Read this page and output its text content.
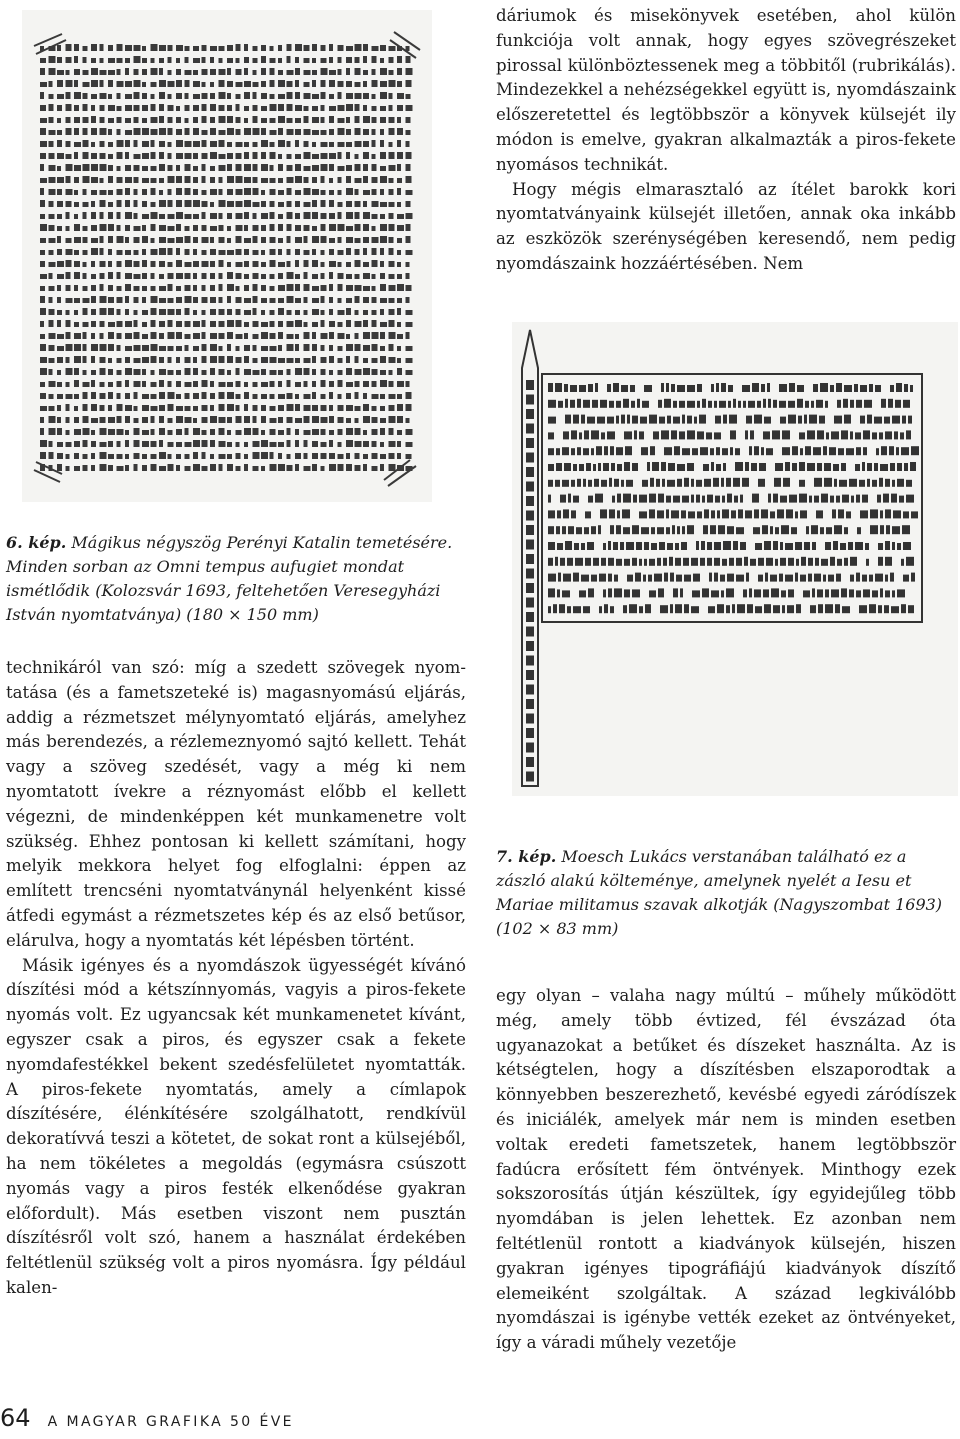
6. kép. Mágikus négyszög Perényi Katalin temetésére. Minden sorban az Omni tempus aufugiet mondat ismétlődik (Kolozsvár 1693, feltehetően Veresegyházi István nyomtatványa) (180 × 150 mm)

technikáról van szó: míg a szedett szövegek nyomtatása (és a fametszeteké is) magasnyomású eljárás, addig a rézmetszet mélynyomtató eljárás, amelyhez más berendezés, a rézlemeznyomó sajtó kellett. Tehát vagy a szöveg szedését, vagy a még ki nem nyomtatott ívekre a réznyomást előbb el kellett végezni, de mindenképpen két munkamenetre volt szükség. Ehhez pontosan ki kellett számítani, hogy melyik mekkora helyet fog elfoglalni: éppen az említett trencséni nyomtatványnál helyenként kissé átfedi egymást a rézmetszetes kép és az első betűsor, elárulva, hogy a nyomtatás két lépésben történt.

Másik igényes és a nyomdászok ügyességét kívánó díszítési mód a kétszínnyomás, vagyis a piros-fekete nyomás volt. Ez ugyancsak két munkamenetet kívánt, egyszer csak a piros, és egyszer csak a fekete nyomdafestékkel bekent szedésfelületet nyomtatták. A piros-fekete nyomtatás, amely a címlapok díszítésére, élénkítésére szolgálhatott, rendkívül dekoratívvá teszi a kötetet, de sokat ront a külsejéből, ha nem tökéletes a megoldás (egymásra csúszott nyomás vagy a piros festék elkenődése gyakran előfordult). Más esetben viszont nem pusztán díszítésről volt szó, hanem a használat érdekében feltétlenül szükség volt a piros nyomásra. Így például kalen-

dáriumok és misekönyvek esetében, ahol külön funkciója volt annak, hogy egyes szövegrészeket pirossal különböztessenek meg a többitől (rubrikálás). Mindezekkel a nehézségekkel együtt is, nyomdászaink előszeretettel és legtöbbször a könyvek külsejét ily módon is emelve, gyakran alkalmazták a piros-fekete nyomásos technikát.

Hogy mégis elmarasztaló az ítélet barokk kori nyomtatványaink külsejét illetően, annak oka inkább az eszközök szerénységében keresendő, nem pedig nyomdászaink hozzáértésében. Nem

7. kép. Moesch Lukács verstanában található ez a zászló alakú költeménye, amelynek nyelét a Iesu et Mariae militamus szavak alkotják (Nagyszombat 1693) (102 × 83 mm)

egy olyan – valaha nagy múltú – műhely működött még, amely több évtized, fél évszázad óta ugyanazokat a betűket és díszeket használta. Az is kétségtelen, hogy a díszítésben elszaporodtak a könnyebben beszerezhető, kevésbé egyedi záródíszek és iniciálék, amelyek már nem is minden esetben voltak eredeti fametszetek, hanem legtöbbször fadúcra erősített fém öntvények. Minthogy ezek sokszorosítás útján készültek, így egyidejűleg több nyomdában is jelen lehettek. Ez azonban nem feltétlenül rontott a kiadványok külsején, hiszen gyakran igényes tipográfiájú kiadványok díszítő elemeiként szolgáltak. A század legkiválóbb nyomdászai is igénybe vették ezeket az öntvényeket, így a váradi műhely vezetője

64 A MAGYAR GRAFIKA 50 ÉVE
